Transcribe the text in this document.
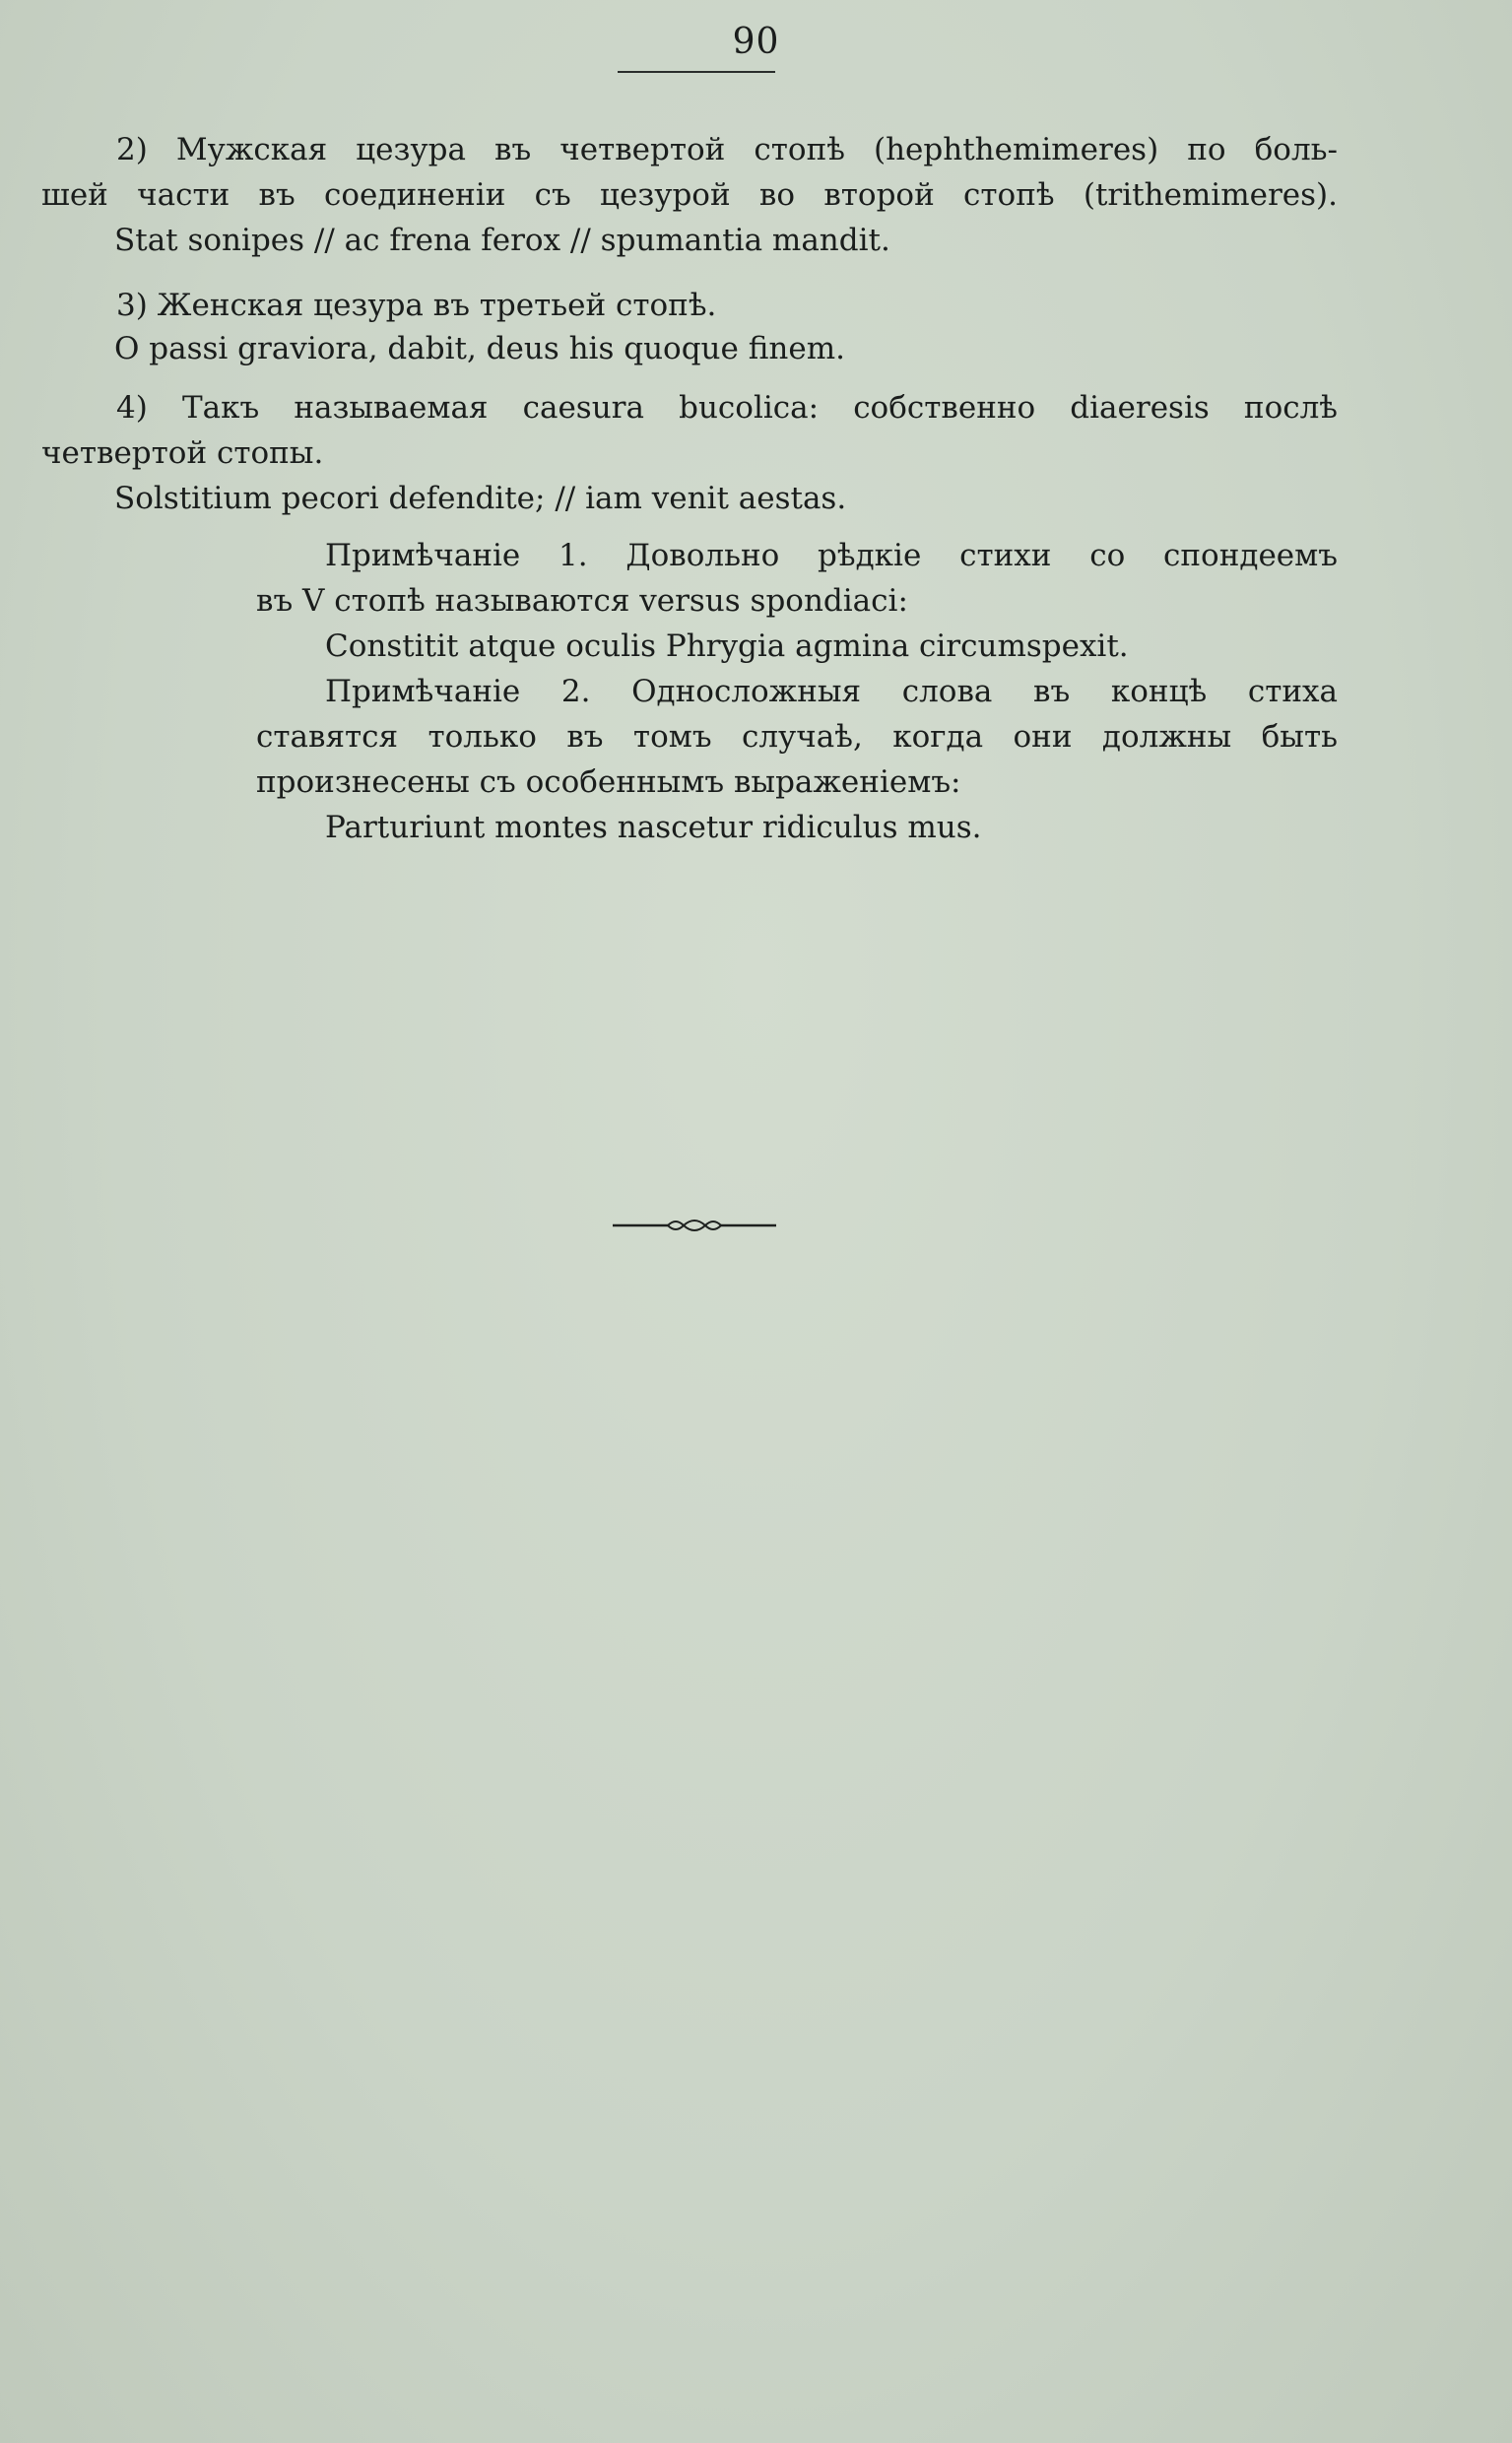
90
2) Мужская цезура въ четвертой стопѣ (hephthemimeres) по боль-
шей части въ соединеніи съ цезурой во второй стопѣ (trithemimeres).
Stat sonipes // ac frena ferox // spumantia mandit.
3) Женская цезура въ третьей стопѣ.
O passi graviora, dabit, deus his quoque finem.
4) Такъ называемая caesura bucolica: собственно diaeresis послѣ
четвертой стопы.
Solstitium pecori defendite; // iam venit aestas.
Примѣчаніе 1. Довольно рѣдкіе стихи со спондеемъ
въ V стопѣ называются versus spondiaci:
Constitit atque oculis Phrygia agmina circumspexit.
Примѣчаніе 2. Односложныя слова въ концѣ стиха
ставятся только въ томъ случаѣ, когда они должны быть
произнесены съ особеннымъ выраженіемъ:
Parturiunt montes nascetur ridiculus mus.
